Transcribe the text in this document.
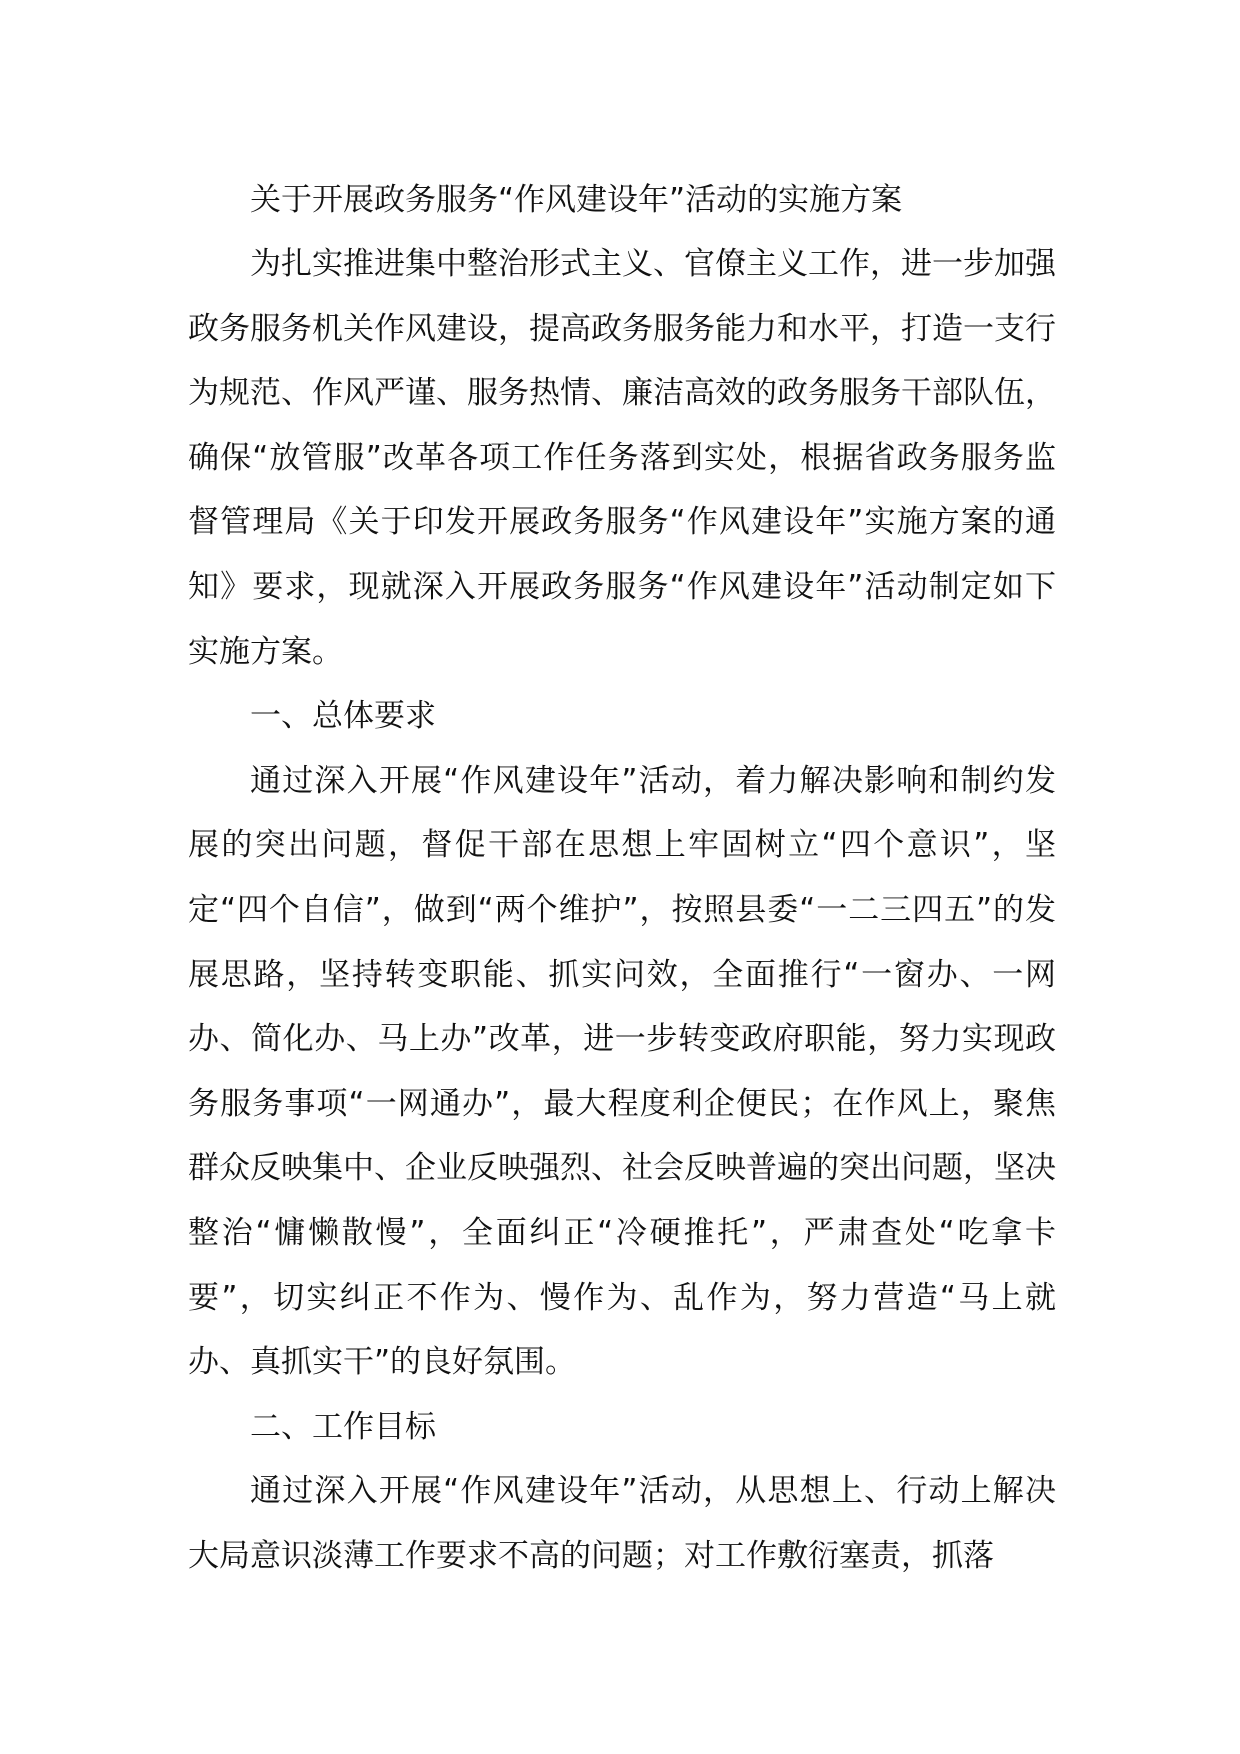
关于开展政务服务“作风建设年”活动的实施方案

为扎实推进集中整治形式主义、官僚主义工作，进一步加强政务服务机关作风建设，提高政务服务能力和水平，打造一支行为规范、作风严谨、服务热情、廉洁高效的政务服务干部队伍，确保“放管服”改革各项工作任务落到实处，根据省政务服务监督管理局《关于印发开展政务服务“作风建设年”实施方案的通知》要求，现就深入开展政务服务“作风建设年”活动制定如下实施方案。

一、总体要求

通过深入开展“作风建设年”活动，着力解决影响和制约发展的突出问题，督促干部在思想上牢固树立“四个意识”，坚定“四个自信”，做到“两个维护”，按照县委“一二三四五”的发展思路，坚持转变职能、抓实问效，全面推行“一窗办、一网办、简化办、马上办”改革，进一步转变政府职能，努力实现政务服务事项“一网通办”，最大程度利企便民；在作风上，聚焦群众反映集中、企业反映强烈、社会反映普遍的突出问题，坚决整治“慵懒散慢”，全面纠正“冷硬推托”，严肃查处“吃拿卡要”，切实纠正不作为、慢作为、乱作为，努力营造“马上就办、真抓实干”的良好氛围。

二、工作目标

通过深入开展“作风建设年”活动，从思想上、行动上解决大局意识淡薄工作要求不高的问题；对工作敷衍塞责，抓落
